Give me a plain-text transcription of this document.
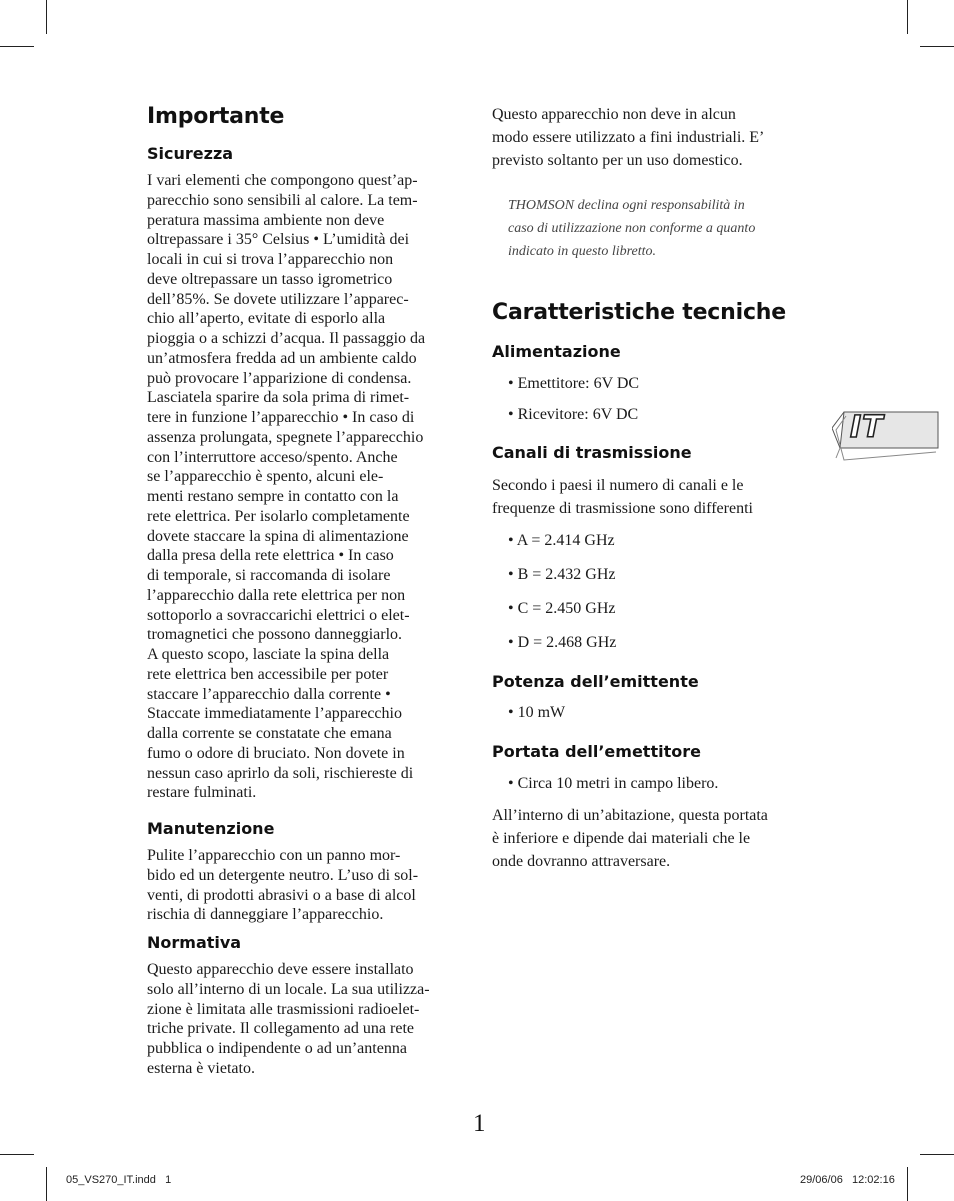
Importante
Sicurezza

I vari elementi che compongono quest’ap-

parecchio sono sensibili al calore. La tem-

peratura massima ambiente non deve

oltrepassare i 35° Celsius • L’umidità dei

locali in cui si trova l’apparecchio non

deve oltrepassare un tasso igrometrico

dell’85%. Se dovete utilizzare l’apparec-

chio all’aperto, evitate di esporlo alla

pioggia o a schizzi d’acqua. Il passaggio da

un’atmosfera fredda ad un ambiente caldo

può provocare l’apparizione di condensa.

Lasciatela sparire da sola prima di rimet-

tere in funzione l’apparecchio • In caso di

assenza prolungata, spegnete l’apparecchio

con l’interruttore acceso/spento. Anche

se l’apparecchio è spento, alcuni ele-

menti restano sempre in contatto con la

rete elettrica. Per isolarlo completamente

dovete staccare la spina di alimentazione

dalla presa della rete elettrica • In caso

di temporale, si raccomanda di isolare

l’apparecchio dalla rete elettrica per non

sottoporlo a sovraccarichi elettrici o elet-

tromagnetici che possono danneggiarlo.

A questo scopo, lasciate la spina della

rete elettrica ben accessibile per poter

staccare l’apparecchio dalla corrente •

Staccate immediatamente l’apparecchio

dalla corrente se constatate che emana

fumo o odore di bruciato. Non dovete in

nessun caso aprirlo da soli, rischiereste di

restare fulminati.

Manutenzione

Pulite l’apparecchio con un panno mor-

bido ed un detergente neutro. L’uso di sol-

venti, di prodotti abrasivi o a base di alcol

rischia di danneggiare l’apparecchio.

Normativa

Questo apparecchio deve essere installato

solo all’interno di un locale. La sua utilizza-

zione è limitata alle trasmissioni radioelet-

triche private. Il collegamento ad una rete

pubblica o indipendente o ad un’antenna

esterna è vietato.

Questo apparecchio non deve in alcun

modo essere utilizzato a fini industriali. E’

previsto soltanto per un uso domestico.

THOMSON declina ogni responsabilità in
caso di utilizzazione non conforme a quanto
indicato in questo libretto.
Caratteristiche tecniche
Alimentazione
• Emettitore: 6V DC
• Ricevitore: 6V DC
Canali di trasmissione

Secondo i paesi il numero di canali e le

frequenze di trasmissione sono differenti

• A = 2.414 GHz
• B = 2.432 GHz
• C = 2.450 GHz
• D = 2.468 GHz
Potenza dell’emittente
• 10 mW
Portata dell’emettitore
• Circa 10 metri in campo libero.

All’interno di un’abitazione, questa portata

è inferiore e dipende dai materiali che le

onde dovranno attraversare.

IT
1
05_VS270_IT.indd   1	29/06/06   12:02:16
